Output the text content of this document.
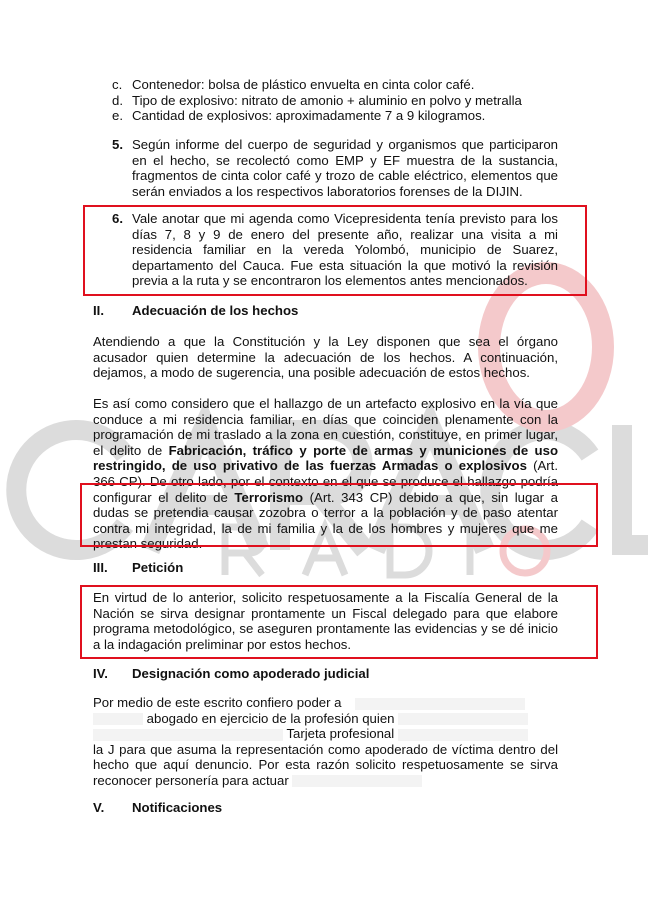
c. Contenedor: bolsa de plástico envuelta en cinta color café.
d. Tipo de explosivo: nitrato de amonio + aluminio en polvo y metralla
e. Cantidad de explosivos: aproximadamente 7 a 9 kilogramos.
5. Según informe del cuerpo de seguridad y organismos que participaron en el hecho, se recolectó como EMP y EF muestra de la sustancia, fragmentos de cinta color café y trozo de cable eléctrico, elementos que serán enviados a los respectivos laboratorios forenses de la DIJIN.
6. Vale anotar que mi agenda como Vicepresidenta tenía previsto para los días 7, 8 y 9 de enero del presente año, realizar una visita a mi residencia familiar en la vereda Yolombó, municipio de Suarez, departamento del Cauca. Fue esta situación la que motivó la revisión previa a la ruta y se encontraron los elementos antes mencionados.
II. Adecuación de los hechos
Atendiendo a que la Constitución y la Ley disponen que sea el órgano acusador quien determine la adecuación de los hechos. A continuación, dejamos, a modo de sugerencia, una posible adecuación de estos hechos.
Es así como considero que el hallazgo de un artefacto explosivo en la vía que conduce a mi residencia familiar, en días que coinciden plenamente con la programación de mi traslado a la zona en cuestión, constituye, en primer lugar, el delito de Fabricación, tráfico y porte de armas y municiones de uso restringido, de uso privativo de las fuerzas Armadas o explosivos (Art. 366 CP). De otro lado, por el contexto en el que se produce el hallazgo podría configurar el delito de Terrorismo (Art. 343 CP) debido a que, sin lugar a dudas se pretendia causar zozobra o terror a la población y de paso atentar contra mi integridad, la de mi familia y la de los hombres y mujeres que me prestan seguridad.
III. Petición
En virtud de lo anterior, solicito respetuosamente a la Fiscalía General de la Nación se sirva designar prontamente un Fiscal delegado para que elabore programa metodológico, se aseguren prontamente las evidencias y se dé inicio a la indagación preliminar por estos hechos.
IV. Designación como apoderado judicial
Por medio de este escrito confiero poder a
abogado en ejercicio de la profesión quien
Tarjeta profesional
la J para que asuma la representación como apoderado de víctima dentro del hecho que aquí denuncio. Por esta razón solicito respetuosamente se sirva reconocer personería para actuar
V. Notificaciones
